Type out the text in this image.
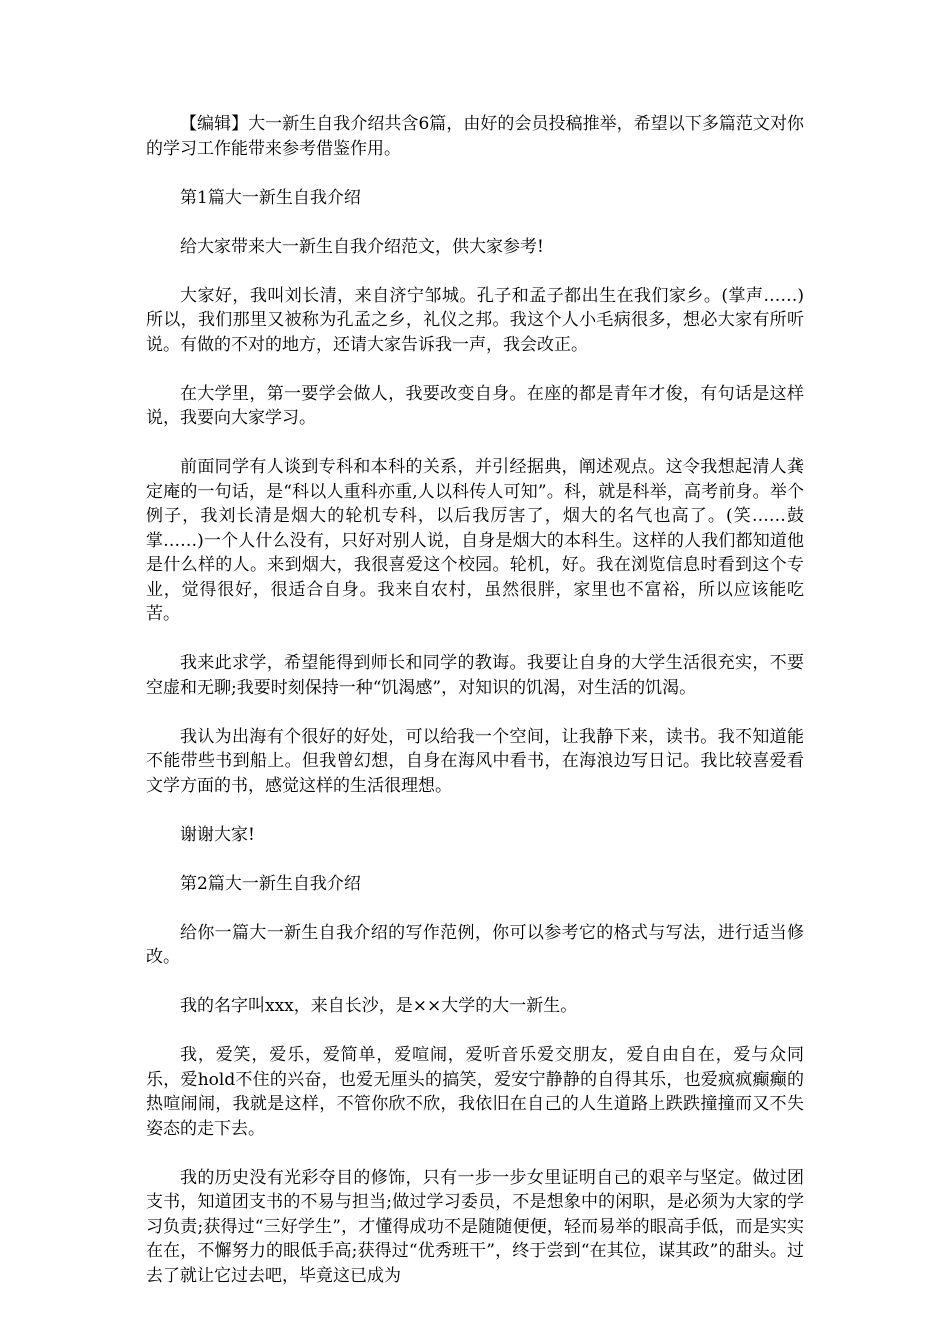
【编辑】大一新生自我介绍共含6篇，由好的会员投稿推举，希望以下多篇范文对你的学习工作能带来参考借鉴作用。

第1篇大一新生自我介绍

给大家带来大一新生自我介绍范文，供大家参考!

大家好，我叫刘长清，来自济宁邹城。孔子和孟子都出生在我们家乡。(掌声……)所以，我们那里又被称为孔孟之乡，礼仪之邦。我这个人小毛病很多，想必大家有所听说。有做的不对的地方，还请大家告诉我一声，我会改正。

在大学里，第一要学会做人，我要改变自身。在座的都是青年才俊，有句话是这样说，我要向大家学习。

前面同学有人谈到专科和本科的关系，并引经据典，阐述观点。这令我想起清人龚定庵的一句话，是“科以人重科亦重,人以科传人可知”。科，就是科举，高考前身。举个例子，我刘长清是烟大的轮机专科，以后我厉害了，烟大的名气也高了。(笑……鼓掌……)一个人什么没有，只好对别人说，自身是烟大的本科生。这样的人我们都知道他是什么样的人。来到烟大，我很喜爱这个校园。轮机，好。我在浏览信息时看到这个专业，觉得很好，很适合自身。我来自农村，虽然很胖，家里也不富裕，所以应该能吃苦。

我来此求学，希望能得到师长和同学的教诲。我要让自身的大学生活很充实，不要空虚和无聊;我要时刻保持一种“饥渴感”，对知识的饥渴，对生活的饥渴。

我认为出海有个很好的好处，可以给我一个空间，让我静下来，读书。我不知道能不能带些书到船上。但我曾幻想，自身在海风中看书，在海浪边写日记。我比较喜爱看文学方面的书，感觉这样的生活很理想。

谢谢大家!

第2篇大一新生自我介绍

给你一篇大一新生自我介绍的写作范例，你可以参考它的格式与写法，进行适当修改。

我的名字叫xxx，来自长沙，是××大学的大一新生。

我，爱笑，爱乐，爱简单，爱喧闹，爱听音乐爱交朋友，爱自由自在，爱与众同乐，爱hold不住的兴奋，也爱无厘头的搞笑，爱安宁静静的自得其乐，也爱疯疯癫癫的热喧闹闹，我就是这样，不管你欣不欣，我依旧在自己的人生道路上跌跌撞撞而又不失姿态的走下去。

我的历史没有光彩夺目的修饰，只有一步一步女里证明自己的艰辛与坚定。做过团支书，知道团支书的不易与担当;做过学习委员，不是想象中的闲职，是必须为大家的学习负责;获得过“三好学生”，才懂得成功不是随随便便，轻而易举的眼高手低，而是实实在在，不懈努力的眼低手高;获得过“优秀班干”，终于尝到“在其位，谋其政”的甜头。过去了就让它过去吧，毕竟这已成为
